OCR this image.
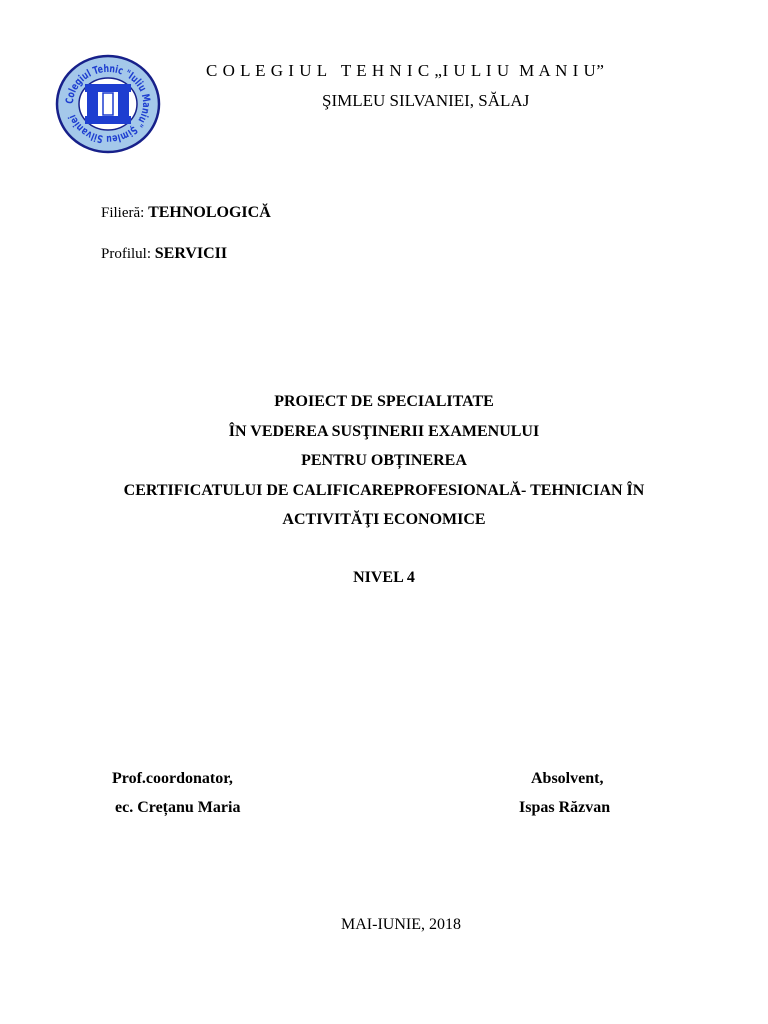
Colegiul Tehnic "Iuliu Maniu" Şimleu Silvaniei
C O L E G I U L   T E H N I C „I U L I U  M A N I U”
ŞIMLEU SILVANIEI, SĂLAJ
Filieră: TEHNOLOGICĂ
Profilul: SERVICII
PROIECT DE SPECIALITATE
ÎN VEDEREA SUSŢINERII EXAMENULUI
PENTRU OBȚINEREA
CERTIFICATULUI DE CALIFICAREPROFESIONALĂ- TEHNICIAN ÎN
ACTIVITĂŢI ECONOMICE
NIVEL 4
Prof.coordonator,
ec. Crețanu Maria
Absolvent,
Ispas Răzvan
MAI-IUNIE, 2018
